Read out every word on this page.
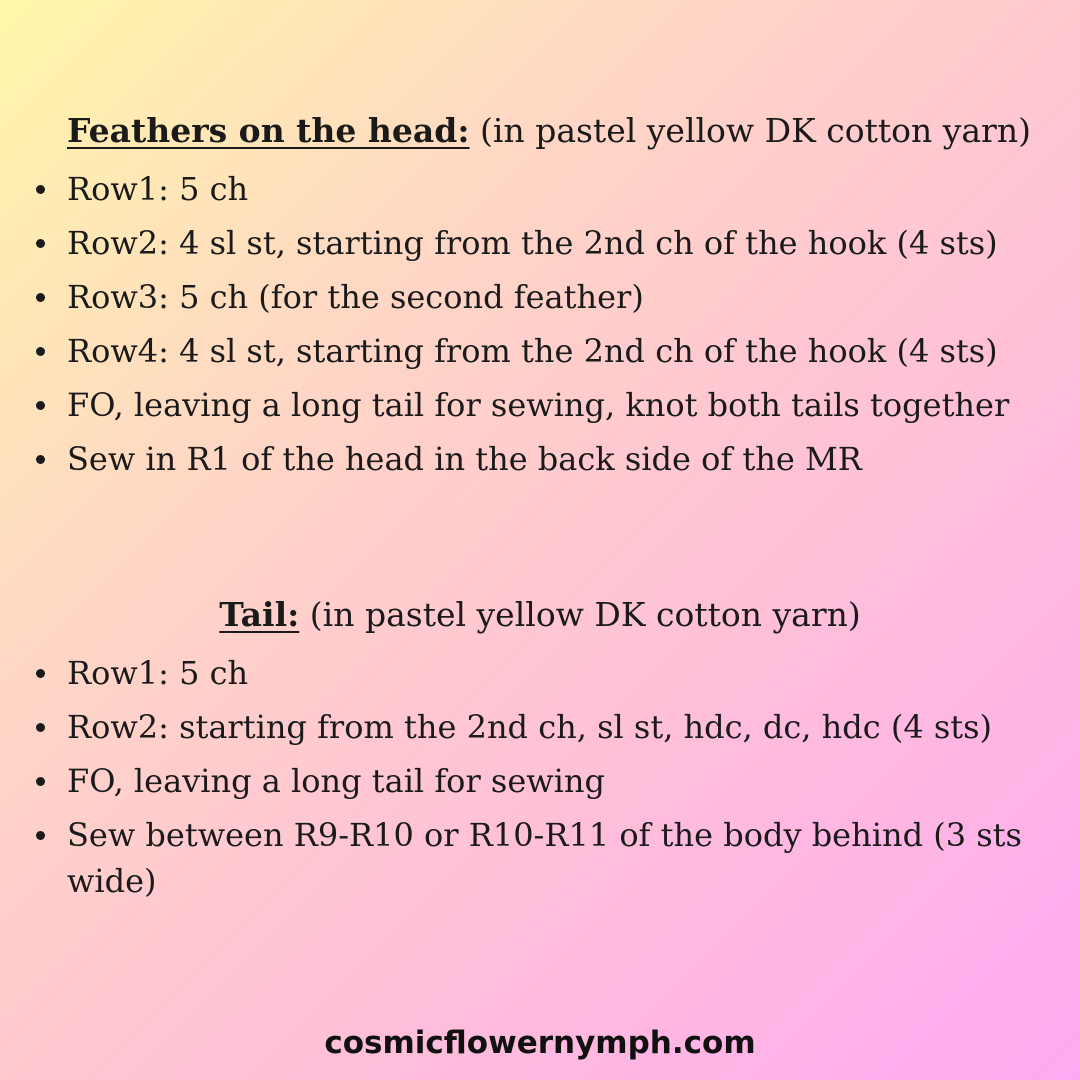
Feathers on the head: (in pastel yellow DK cotton yarn)

Row1: 5 ch
Row2: 4 sl st, starting from the 2nd ch of the hook (4 sts)
Row3: 5 ch (for the second feather)
Row4: 4 sl st, starting from the 2nd ch of the hook (4 sts)
FO, leaving a long tail for sewing, knot both tails together
Sew in R1 of the head in the back side of the MR

Tail: (in pastel yellow DK cotton yarn)

Row1: 5 ch
Row2: starting from the 2nd ch, sl st, hdc, dc, hdc (4 sts)
FO, leaving a long tail for sewing
Sew between R9-R10 or R10-R11 of the body behind (3 sts wide)
cosmicflowernymph.com
